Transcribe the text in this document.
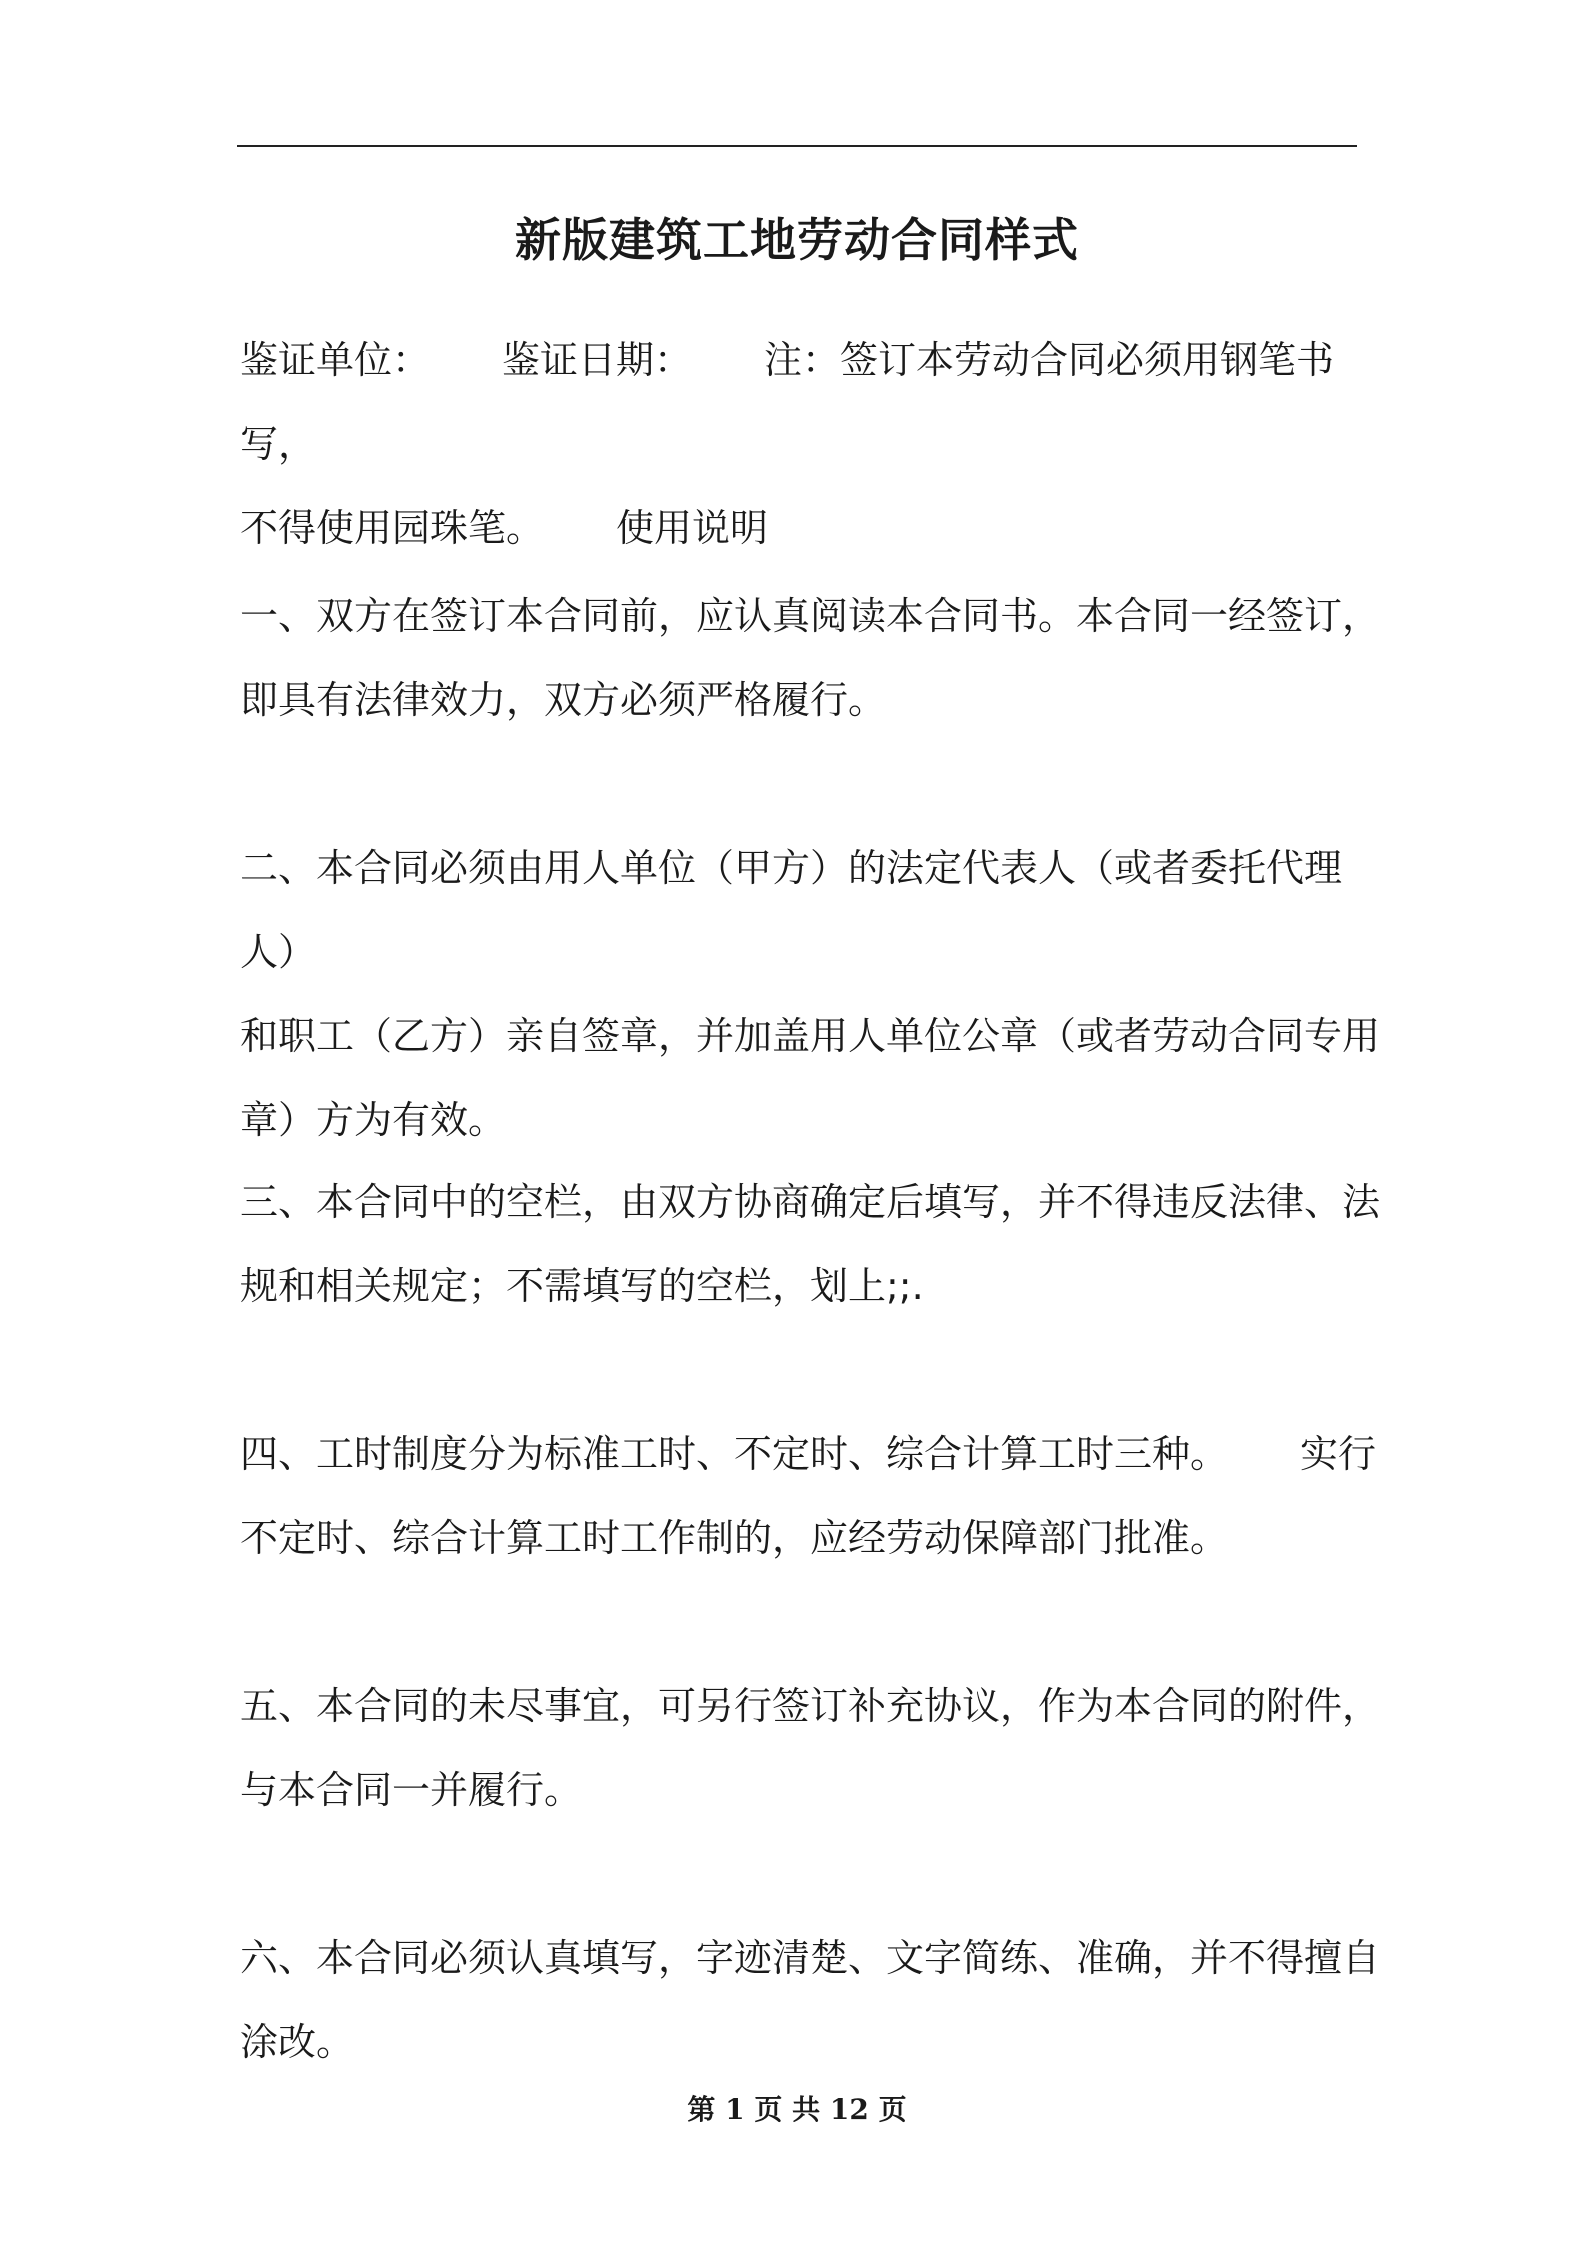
新版建筑工地劳动合同样式
鉴证单位： 鉴证日期： 注：签订本劳动合同必须用钢笔书写，
不得使用园珠笔。 使用说明
一、双方在签订本合同前，应认真阅读本合同书。本合同一经签订，
即具有法律效力，双方必须严格履行。
二、本合同必须由用人单位（甲方）的法定代表人（或者委托代理人）
和职工（乙方）亲自签章，并加盖用人单位公章（或者劳动合同专用
章）方为有效。
三、本合同中的空栏，由双方协商确定后填写，并不得违反法律、法
规和相关规定；不需填写的空栏，划上;;.
四、工时制度分为标准工时、不定时、综合计算工时三种。 实行
不定时、综合计算工时工作制的，应经劳动保障部门批准。
五、本合同的未尽事宜，可另行签订补充协议，作为本合同的附件，
与本合同一并履行。
六、本合同必须认真填写，字迹清楚、文字简练、准确，并不得擅自
涂改。
第 1 页 共 12 页
